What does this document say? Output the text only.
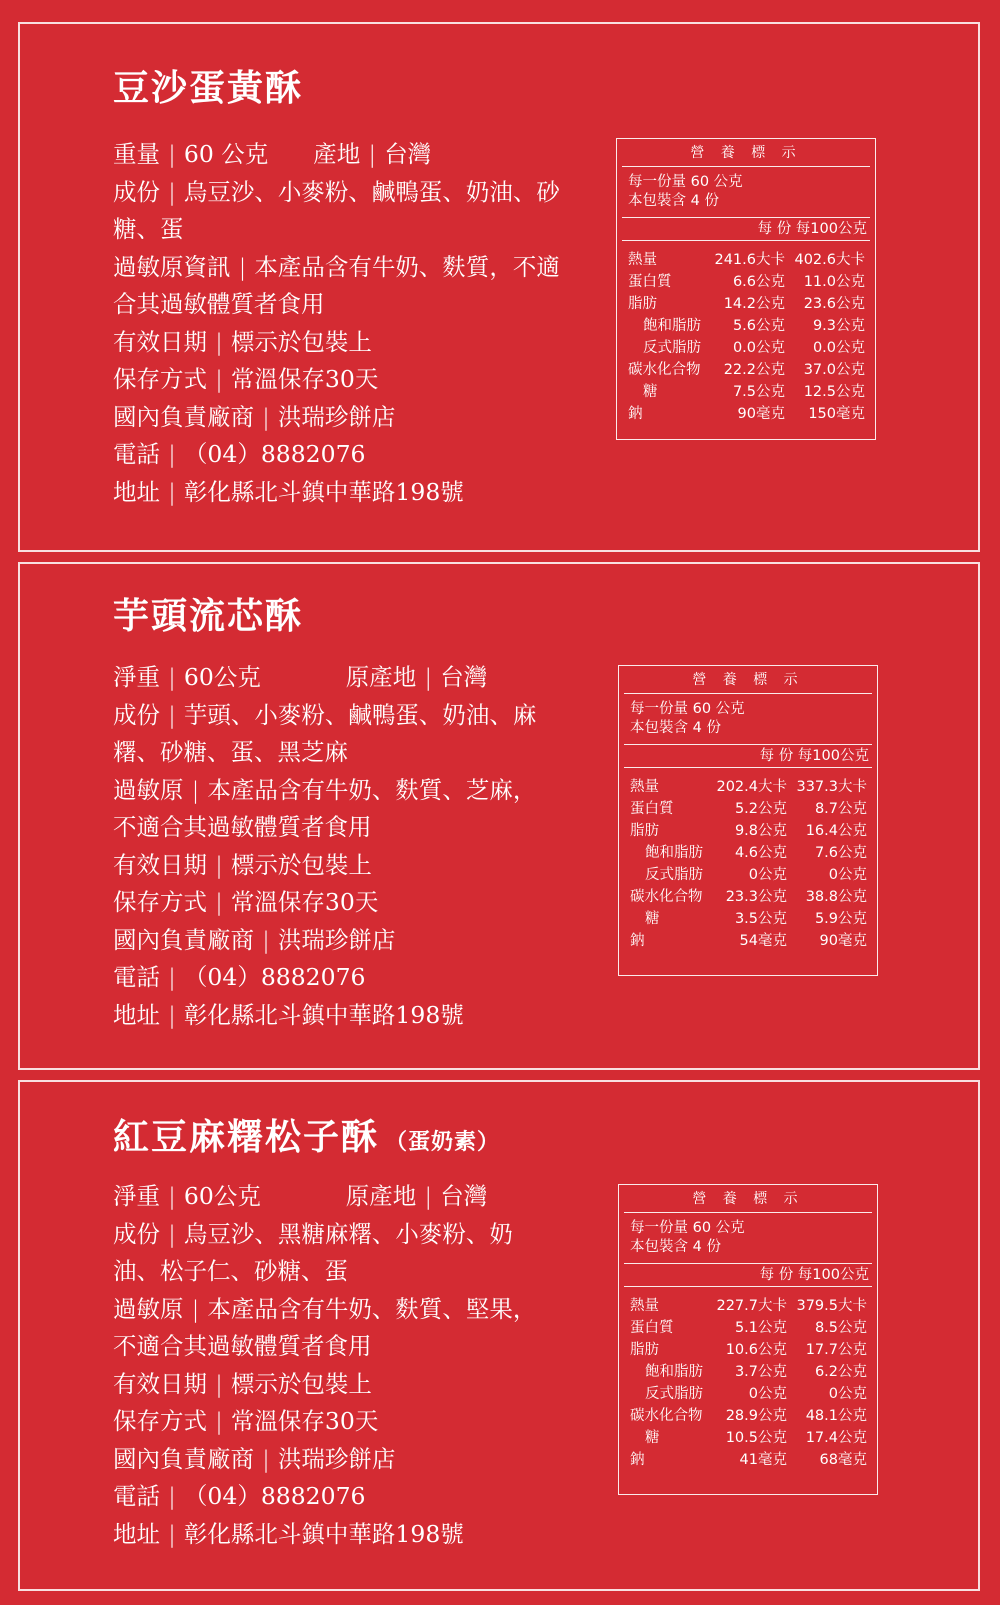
豆沙蛋黃酥
重量 | 60 公克 產地 | 台灣
成份 | 烏豆沙、小麥粉、鹹鴨蛋、奶油、砂糖、蛋
過敏原資訊 | 本產品含有牛奶、麩質，不適合其過敏體質者食用
有效日期 | 標示於包裝上
保存方式 | 常溫保存30天
國內負責廠商 | 洪瑞珍餅店
電話 | （04）8882076
地址 | 彰化縣北斗鎮中華路198號
營 養 標 示
每一份量 60 公克
本包裝含 4 份
每 份 每100公克
熱量	241.6大卡 402.6大卡
蛋白質	6.6公克	11.0公克
脂肪	14.2公克	23.6公克
飽和脂肪	5.6公克	9.3公克
反式脂肪	0.0公克	0.0公克
碳水化合物	22.2公克	37.0公克
糖	7.5公克	12.5公克
鈉	90毫克	150毫克
芋頭流芯酥
淨重 | 60公克	原產地 | 台灣
成份 | 芋頭、小麥粉、鹹鴨蛋、奶油、麻糬、砂糖、蛋、黑芝麻
過敏原 | 本產品含有牛奶、麩質、芝麻，不適合其過敏體質者食用
有效日期 | 標示於包裝上
保存方式 | 常溫保存30天
國內負責廠商 | 洪瑞珍餅店
電話 | （04）8882076
地址 | 彰化縣北斗鎮中華路198號
營 養 標 示
每一份量 60 公克
本包裝含 4 份
每 份 每100公克
熱量	202.4大卡 337.3大卡
蛋白質	5.2公克	8.7公克
脂肪	9.8公克	16.4公克
飽和脂肪	4.6公克	7.6公克
反式脂肪	0公克	0公克
碳水化合物	23.3公克	38.8公克
糖	3.5公克	5.9公克
鈉	54毫克	90毫克
紅豆麻糬松子酥 （蛋奶素）
淨重 | 60公克	原產地 | 台灣
成份 | 烏豆沙、黑糖麻糬、小麥粉、奶油、松子仁、砂糖、蛋
過敏原 | 本產品含有牛奶、麩質、堅果，不適合其過敏體質者食用
有效日期 | 標示於包裝上
保存方式 | 常溫保存30天
國內負責廠商 | 洪瑞珍餅店
電話 | （04）8882076
地址 | 彰化縣北斗鎮中華路198號
營 養 標 示
每一份量 60 公克
本包裝含 4 份
每 份 每100公克
熱量	227.7大卡 379.5大卡
蛋白質	5.1公克	8.5公克
脂肪	10.6公克	17.7公克
飽和脂肪	3.7公克	6.2公克
反式脂肪	0公克	0公克
碳水化合物	28.9公克	48.1公克
糖	10.5公克	17.4公克
鈉	41毫克	68毫克
